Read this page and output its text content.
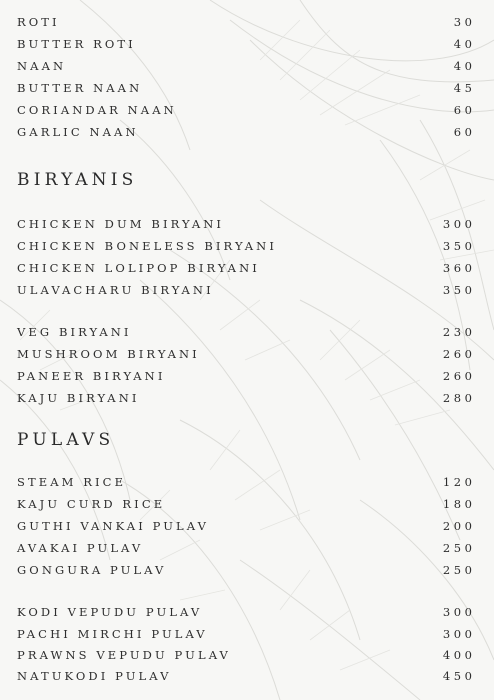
ROTI	30
BUTTER ROTI	40
NAAN	40
BUTTER NAAN	45
CORIANDAR NAAN	60
GARLIC NAAN	60
BIRYANIS
CHICKEN DUM BIRYANI	300
CHICKEN BONELESS BIRYANI	350
CHICKEN LOLIPOP BIRYANI	360
ULAVACHARU BIRYANI	350
VEG BIRYANI	230
MUSHROOM BIRYANI	260
PANEER BIRYANI	260
KAJU BIRYANI	280
PULAVS
STEAM RICE	120
KAJU CURD RICE	180
GUTHI VANKAI PULAV	200
AVAKAI PULAV	250
GONGURA PULAV	250
KODI VEPUDU PULAV	300
PACHI MIRCHI PULAV	300
PRAWNS VEPUDU PULAV	400
NATUKODI PULAV	450
